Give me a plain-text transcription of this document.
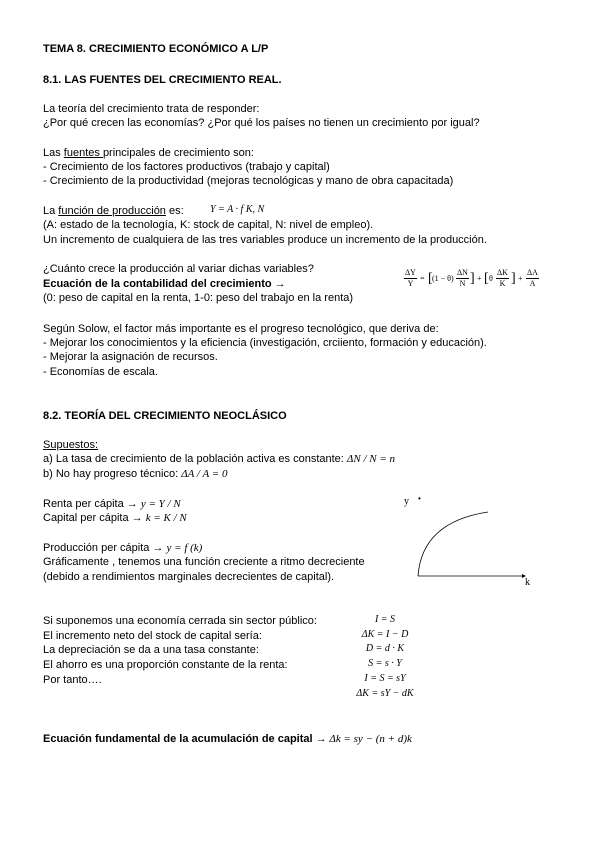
TEMA 8. CRECIMIENTO ECONÓMICO A L/P
8.1. LAS FUENTES DEL CRECIMIENTO REAL.
La teoría del crecimiento trata de responder:
¿Por qué crecen las economías? ¿Por qué los países no tienen un crecimiento por igual?
Las fuentes principales de crecimiento son:
- Crecimiento de los factores productivos (trabajo y capital)
- Crecimiento de la productividad (mejoras tecnológicas y mano de obra capacitada)
La función de producción es:	Y = A · f K, N
(A: estado de la tecnología, K: stock de capital, N: nivel de empleo).
Un incremento de cualquiera de las tres variables produce un incremento de la producción.
¿Cuánto crece la producción al variar dichas variables?
Ecuación de la contabilidad del crecimiento →
(0: peso de capital en la renta, 1-0: peso del trabajo en la renta)
$\frac{\Delta Y}{Y}$ = [ $(1 - \theta) \frac{\Delta N}{N}$ ] + [ θ $\frac{\Delta K}{K}$ ] + $\frac{\Delta A}{A}$
Según Solow, el factor más importante es el progreso tecnológico, que deriva de:
- Mejorar los conocimientos y la eficiencia (investigación, crciiento, formación y educación).
- Mejorar la asignación de recursos.
- Economías de escala.
8.2. TEORÍA DEL CRECIMIENTO NEOCLÁSICO
Supuestos:
a) La tasa de crecimiento de la población activa es constante: ΔN / N = n
b) No hay progreso técnico: ΔA / A = 0
Renta per cápita → y = Y / N
Capital per cápita → k = K / N
Producción per cápita → y = f (k)
Gráficamente , tenemos una función creciente a ritmo decreciente
(debido a rendimientos marginales decrecientes de capital).
y •
k
Si suponemos una economía cerrada sin sector público:
El incremento neto del stock de capital sería:
La depreciación se da a una tasa constante:
El ahorro es una proporción constante de la renta:
Por tanto….
I = S
ΔK = I − D
D = d · K
S = s · Y
I = S = sY
ΔK = sY − dK
Ecuación fundamental de la acumulación de capital → Δk = sy − (n + d)k
